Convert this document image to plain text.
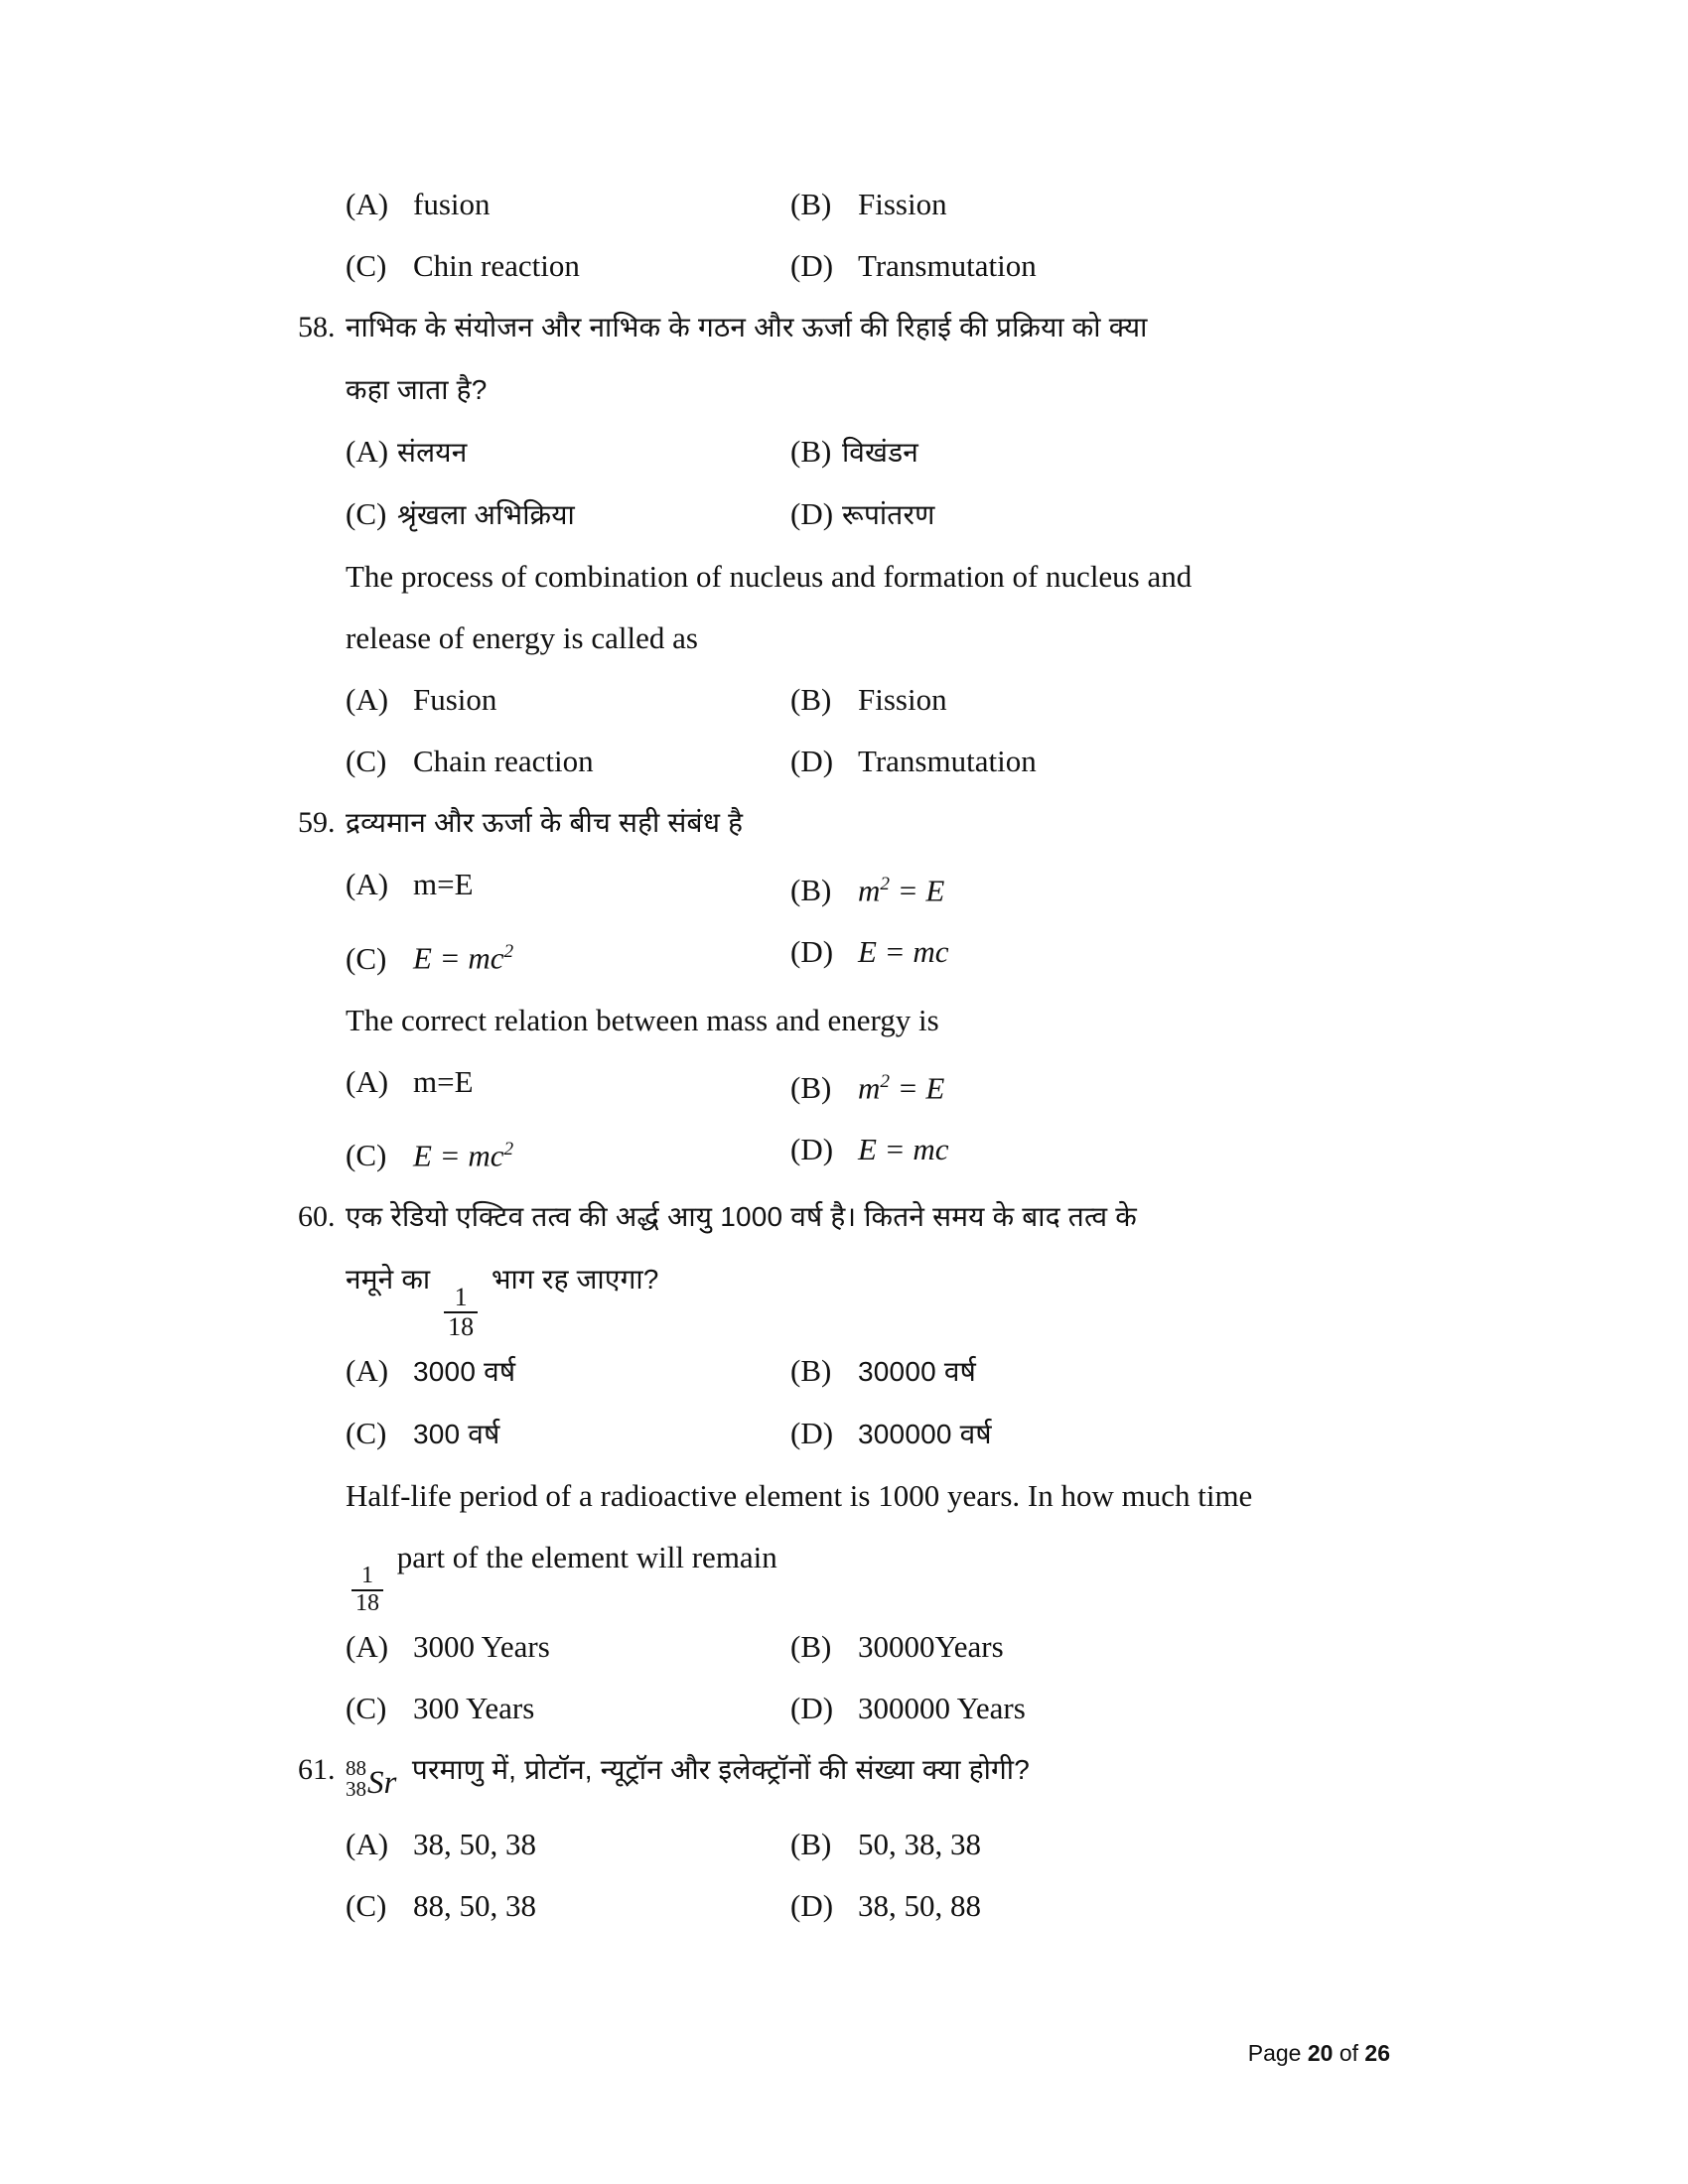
(A) fusion	(B) Fission
(C) Chin reaction	(D) Transmutation
58. नाभिक के संयोजन और नाभिक के गठन और ऊर्जा की रिहाई की प्रक्रिया को क्या
कहा जाता है?
(A) संलयन	(B) विखंडन
(C) श्रृंखला अभिक्रिया	(D) रूपांतरण
The process of combination of nucleus and formation of nucleus and
release of energy is called as
(A) Fusion	(B) Fission
(C) Chain reaction	(D) Transmutation
59. द्रव्यमान और ऊर्जा के बीच सही संबंध है
(A) m=E	(B) $m^2 = E$
(C) $E = mc^2$	(D) E = mc
The correct relation between mass and energy is
(A) m=E	(B) $m^2 = E$
(C) $E = mc^2$	(D) E = mc
60. एक रेडियो एक्टिव तत्व की अर्द्ध आयु 1000 वर्ष है। कितने समय के बाद तत्व के
नमूने का
$\frac{1}{18}$
भाग रह जाएगा?
(A) 3000 वर्ष	(B) 30000 वर्ष
(C) 300 वर्ष	(D) 300000 वर्ष
Half-life period of a radioactive element is 1000 years. In how much time
$\frac{1}{18}$
part of the element will remain
(A) 3000 Years	(B) 30000Years
(C) 300 Years	(D) 300000 Years
61. 88
38 Sr परमाणु में, प्रोटॉन, न्यूट्रॉन और इलेक्ट्रॉनों की संख्या क्या होगी?
(A) 38, 50, 38	(B) 50, 38, 38
(C) 88, 50, 38	(D) 38, 50, 88
Page 20 of 26
